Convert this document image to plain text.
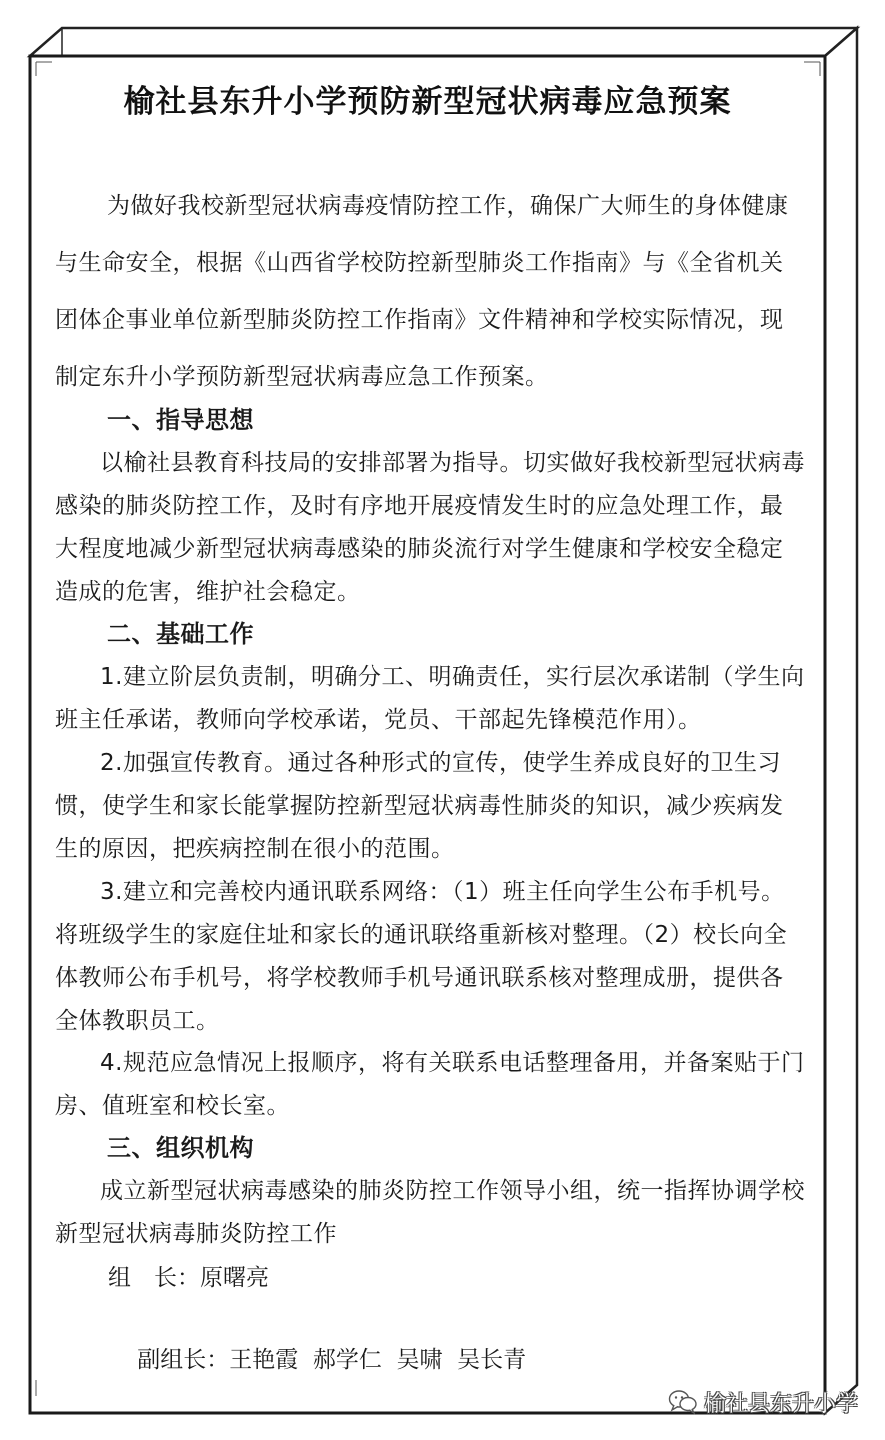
榆社县东升小学预防新型冠状病毒应急预案
为做好我校新型冠状病毒疫情防控工作，确保广大师生的身体健康与生命安全，根据《山西省学校防控新型肺炎工作指南》与《全省机关团体企事业单位新型肺炎防控工作指南》文件精神和学校实际情况，现制定东升小学预防新型冠状病毒应急工作预案。
一、指导思想
以榆社县教育科技局的安排部署为指导。切实做好我校新型冠状病毒感染的肺炎防控工作，及时有序地开展疫情发生时的应急处理工作，最大程度地减少新型冠状病毒感染的肺炎流行对学生健康和学校安全稳定造成的危害，维护社会稳定。
二、基础工作
1.建立阶层负责制，明确分工、明确责任，实行层次承诺制（学生向班主任承诺，教师向学校承诺，党员、干部起先锋模范作用）。
2.加强宣传教育。通过各种形式的宣传，使学生养成良好的卫生习惯，使学生和家长能掌握防控新型冠状病毒性肺炎的知识，减少疾病发生的原因，把疾病控制在很小的范围。
3.建立和完善校内通讯联系网络：（1）班主任向学生公布手机号。将班级学生的家庭住址和家长的通讯联络重新核对整理。（2）校长向全体教师公布手机号，将学校教师手机号通讯联系核对整理成册，提供各全体教职员工。
4.规范应急情况上报顺序，将有关联系电话整理备用，并备案贴于门房、值班室和校长室。
三、组织机构
成立新型冠状病毒感染的肺炎防控工作领导小组，统一指挥协调学校新型冠状病毒肺炎防控工作
组　长：原曙亮

副组长：王艳霞  郝学仁  吴啸  吴长青

榆社县东升小学
